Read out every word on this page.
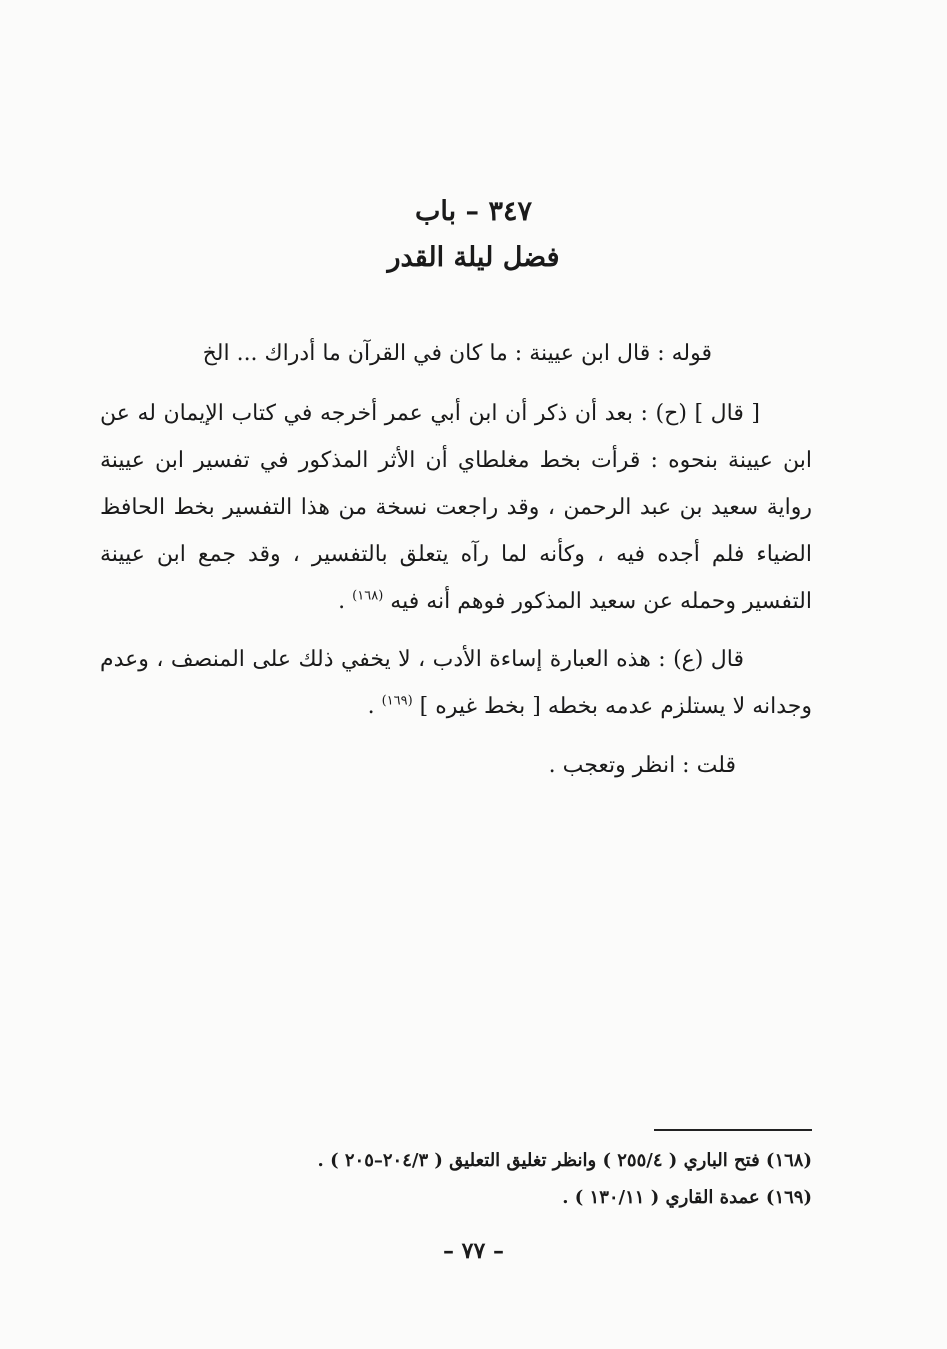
٣٤٧ – باب
فضل ليلة القدر

قوله : قال ابن عيينة : ما كان في القرآن ما أدراك ... الخ

[ قال ] (ح) : بعد أن ذكر أن ابن أبي عمر أخرجه في كتاب الإيمان له عن ابن عيينة بنحوه : قرأت بخط مغلطاي أن الأثر المذكور في تفسير ابن عيينة رواية سعيد بن عبد الرحمن ، وقد راجعت نسخة من هذا التفسير بخط الحافظ الضياء فلم أجده فيه ، وكأنه لما رآه يتعلق بالتفسير ، وقد جمع ابن عيينة التفسير وحمله عن سعيد المذكور فوهم أنه فيه $^{(١٦٨)}$ .

قال (ع) : هذه العبارة إساءة الأدب ، لا يخفي ذلك على المنصف ، وعدم وجدانه لا يستلزم عدمه بخطه [ بخط غيره ] $^{(١٦٩)}$ .

قلت : انظر وتعجب .

(١٦٨) فتح الباري ( ٢٥٥/٤ ) وانظر تغليق التعليق ( ٢٠٤/٣–٢٠٥ ) .
(١٦٩) عمدة القاري ( ١٣٠/١١ ) .
– ٧٧ –
